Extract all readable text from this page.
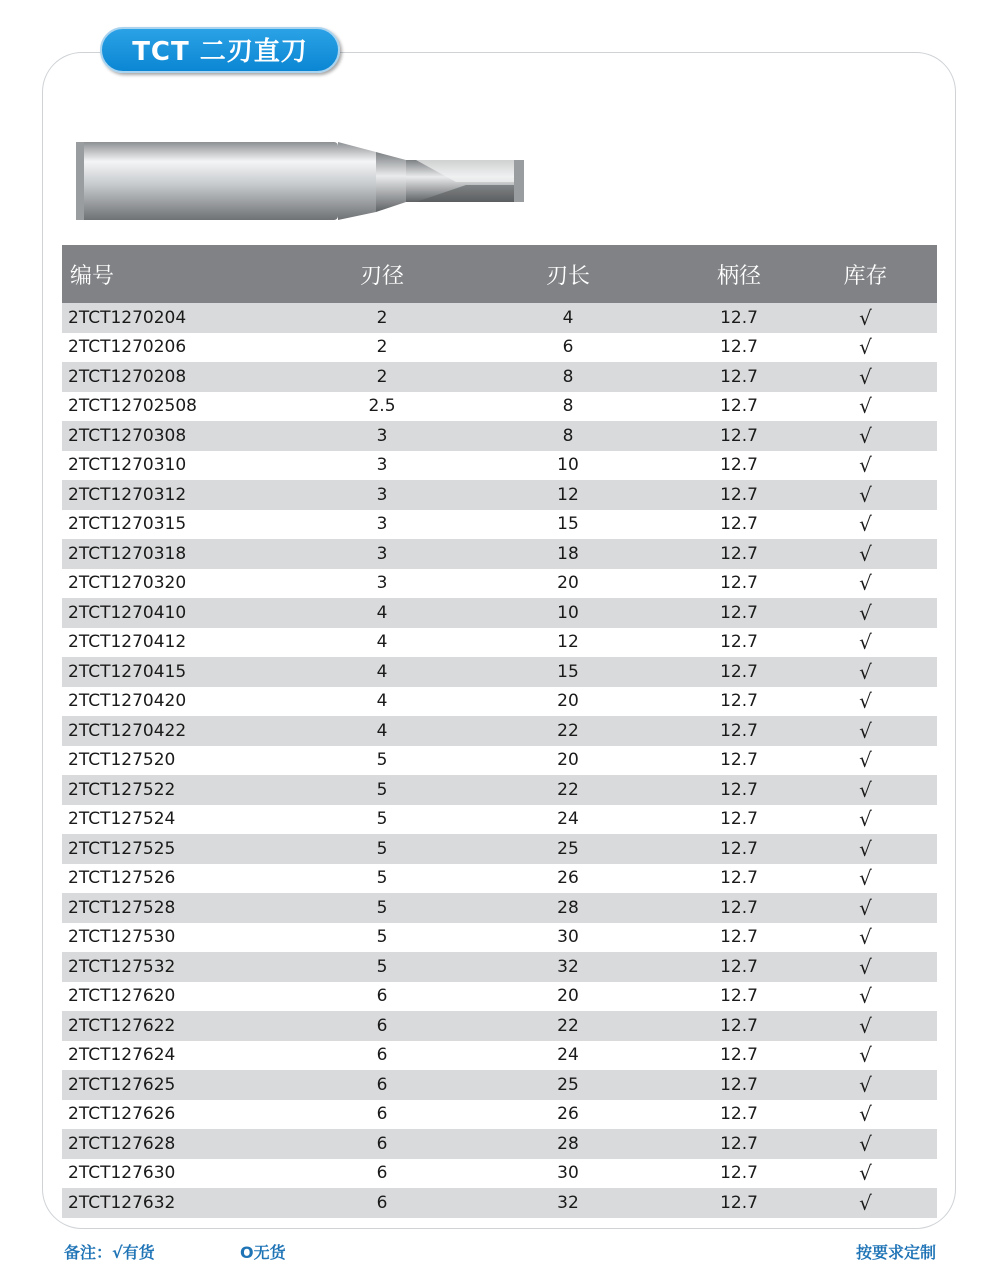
TCT 二刃直刀
编号	刃径	刃长	柄径	库存
2TCT1270204	2	4	12.7	√
2TCT1270206	2	6	12.7	√
2TCT1270208	2	8	12.7	√
2TCT12702508	2.5	8	12.7	√
2TCT1270308	3	8	12.7	√
2TCT1270310	3	10	12.7	√
2TCT1270312	3	12	12.7	√
2TCT1270315	3	15	12.7	√
2TCT1270318	3	18	12.7	√
2TCT1270320	3	20	12.7	√
2TCT1270410	4	10	12.7	√
2TCT1270412	4	12	12.7	√
2TCT1270415	4	15	12.7	√
2TCT1270420	4	20	12.7	√
2TCT1270422	4	22	12.7	√
2TCT127520	5	20	12.7	√
2TCT127522	5	22	12.7	√
2TCT127524	5	24	12.7	√
2TCT127525	5	25	12.7	√
2TCT127526	5	26	12.7	√
2TCT127528	5	28	12.7	√
2TCT127530	5	30	12.7	√
2TCT127532	5	32	12.7	√
2TCT127620	6	20	12.7	√
2TCT127622	6	22	12.7	√
2TCT127624	6	24	12.7	√
2TCT127625	6	25	12.7	√
2TCT127626	6	26	12.7	√
2TCT127628	6	28	12.7	√
2TCT127630	6	30	12.7	√
2TCT127632	6	32	12.7	√
备注：√有货	O无货	按要求定制
